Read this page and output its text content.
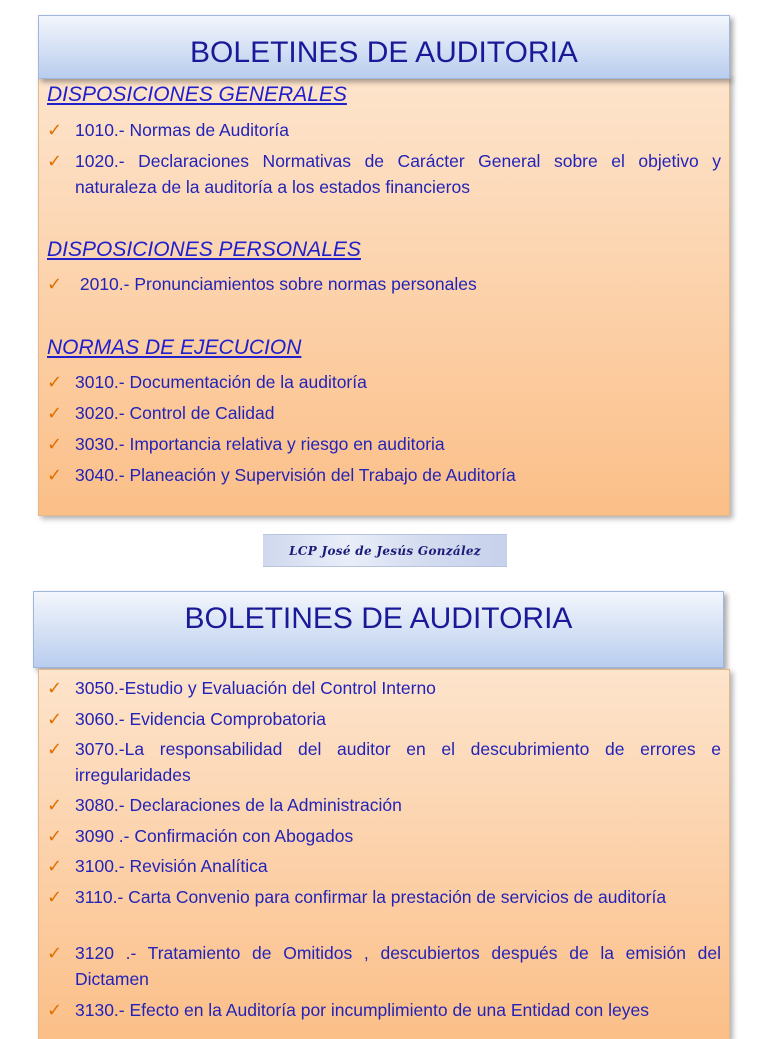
DISPOSICIONES GENERALES
✓ 1010.- Normas de Auditoría
✓ 1020.- Declaraciones Normativas de Carácter General sobre el objetivo y naturaleza de la auditoría a los estados financieros
DISPOSICIONES PERSONALES
✓ 2010.- Pronunciamientos sobre normas personales
NORMAS DE EJECUCION
✓ 3010.- Documentación de la auditoría
✓ 3020.- Control de Calidad
✓ 3030.- Importancia relativa y riesgo en auditoria
✓ 3040.- Planeación y Supervisión del Trabajo de Auditoría
BOLETINES DE AUDITORIA
LCP José de Jesús González
BOLETINES DE AUDITORIA
✓ 3050.-Estudio y Evaluación del Control Interno
✓ 3060.- Evidencia Comprobatoria
✓ 3070.-La responsabilidad del auditor en el descubrimiento de errores e irregularidades
✓ 3080.- Declaraciones de la Administración
✓ 3090 .- Confirmación con Abogados
✓ 3100.- Revisión Analítica
✓ 3110.- Carta Convenio para confirmar la prestación de servicios de auditoría
✓ 3120 .- Tratamiento de Omitidos , descubiertos después de la emisión del Dictamen
✓ 3130.- Efecto en la Auditoría por incumplimiento de una Entidad con leyes
